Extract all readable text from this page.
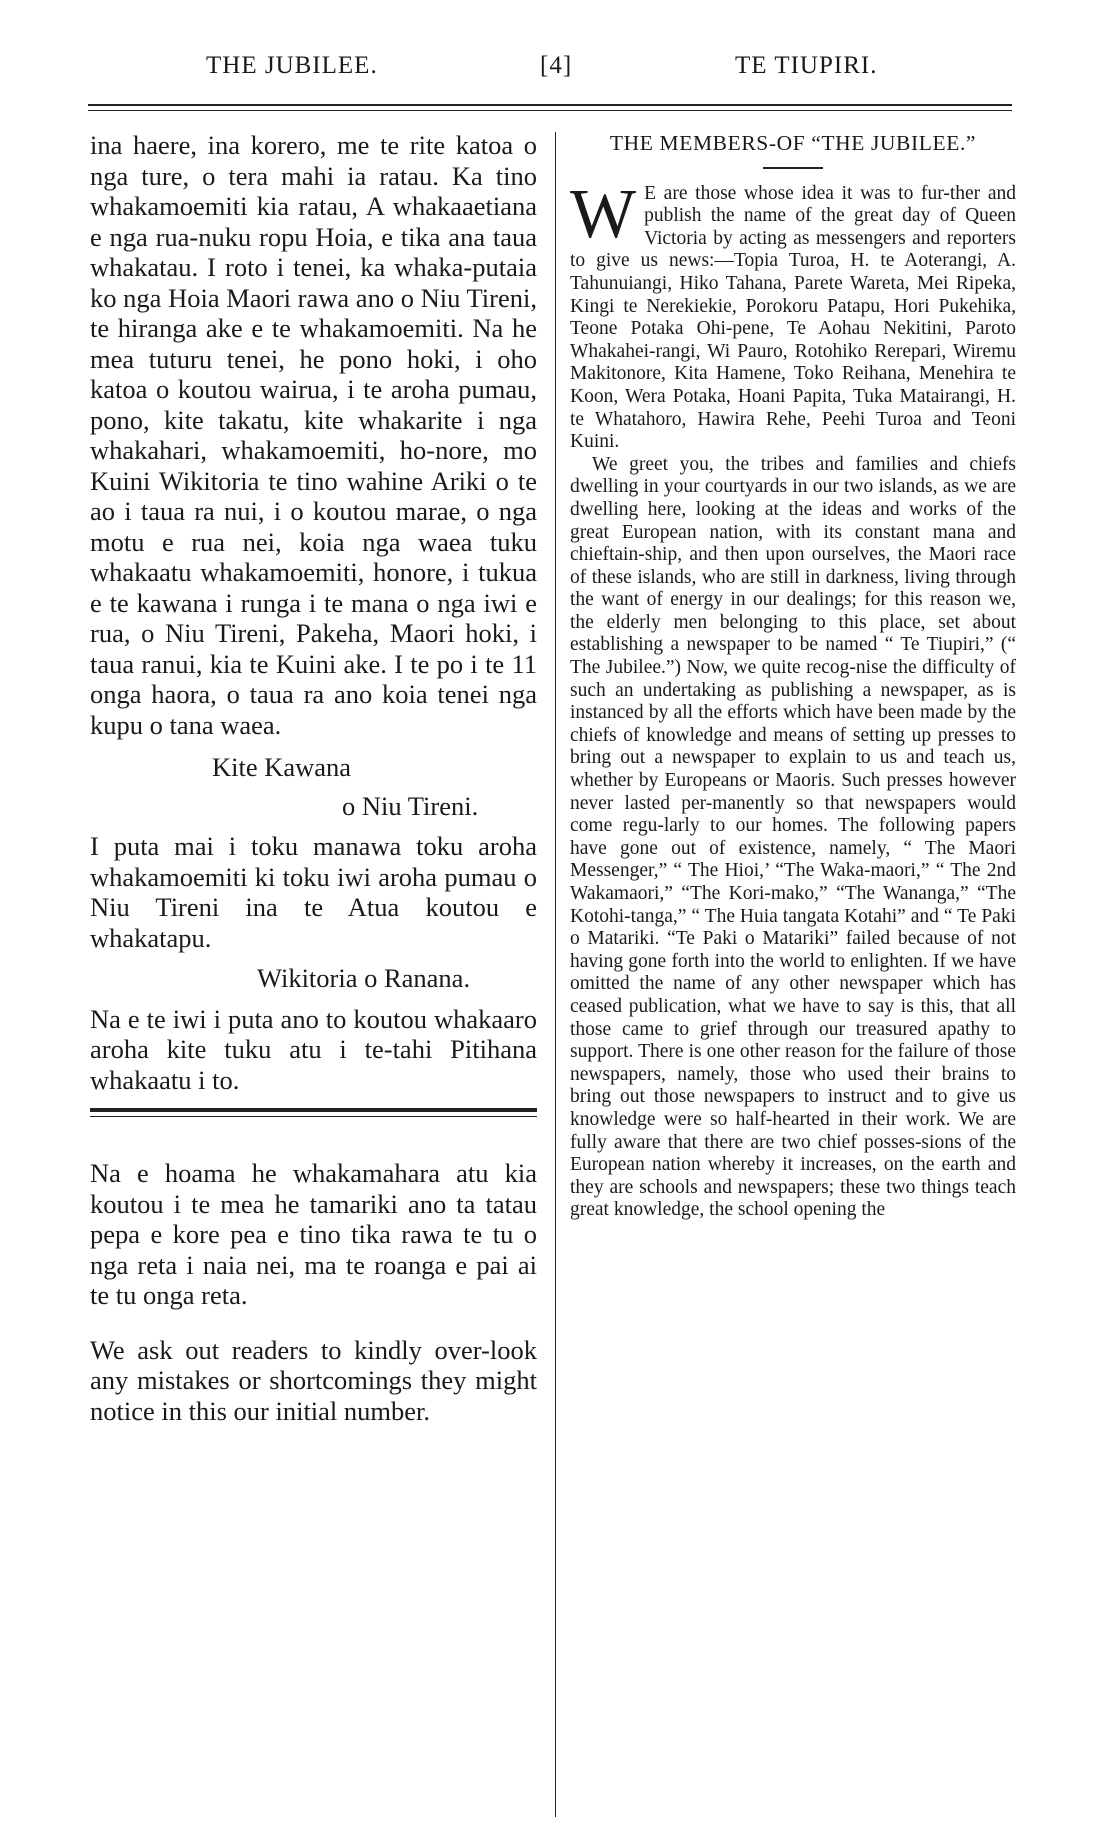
THE JUBILEE.	[4]	TE TIUPIRI.

ina haere, ina korero, me te rite katoa o nga ture, o tera mahi ia ratau. Ka tino whakamoemiti kia ratau, A whakaaetiana e nga rua-nuku ropu Hoia, e tika ana taua whakatau. I roto i tenei, ka whaka-putaia ko nga Hoia Maori rawa ano o Niu Tireni, te hiranga ake e te whakamoemiti. Na he mea tuturu tenei, he pono hoki, i oho katoa o koutou wairua, i te aroha pumau, pono, kite takatu, kite whakarite i nga whakahari, whakamoemiti, ho-nore, mo Kuini Wikitoria te tino wahine Ariki o te ao i taua ra nui, i o koutou marae, o nga motu e rua nei, koia nga waea tuku whakaatu whakamoemiti, honore, i tukua e te kawana i runga i te mana o nga iwi e rua, o Niu Tireni, Pakeha, Maori hoki, i taua ranui, kia te Kuini ake. I te po i te 11 onga haora, o taua ra ano koia tenei nga kupu o tana waea.

Kite Kawana

o Niu Tireni.

I puta mai i toku manawa toku aroha whakamoemiti ki toku iwi aroha pumau o Niu Tireni ina te Atua koutou e whakatapu.

Wikitoria o Ranana.

Na e te iwi i puta ano to koutou whakaaro aroha kite tuku atu i te-tahi Pitihana whakaatu i to.

Na e hoama he whakamahara atu kia koutou i te mea he tamariki ano ta tatau pepa e kore pea e tino tika rawa te tu o nga reta i naia nei, ma te roanga e pai ai te tu onga reta.

We ask out readers to kindly over-look any mistakes or shortcomings they might notice in this our initial number.

THE MEMBERS-OF “THE JUBILEE.”

W E are those whose idea it was to fur-ther and publish the name of the great day of Queen Victoria by acting as messengers and reporters to give us news:—Topia Turoa, H. te Aoterangi, A. Tahunuiangi, Hiko Tahana, Parete Wareta, Mei Ripeka, Kingi te Nerekiekie, Porokoru Patapu, Hori Pukehika, Teone Potaka Ohi-pene, Te Aohau Nekitini, Paroto Whakahei-rangi, Wi Pauro, Rotohiko Rerepari, Wiremu Makitonore, Kita Hamene, Toko Reihana, Menehira te Koon, Wera Potaka, Hoani Papita, Tuka Matairangi, H. te Whatahoro, Hawira Rehe, Peehi Turoa and Teoni Kuini.

We greet you, the tribes and families and chiefs dwelling in your courtyards in our two islands, as we are dwelling here, looking at the ideas and works of the great European nation, with its constant mana and chieftain-ship, and then upon ourselves, the Maori race of these islands, who are still in darkness, living through the want of energy in our dealings; for this reason we, the elderly men belonging to this place, set about establishing a newspaper to be named “ Te Tiupiri,” (“ The Jubilee.”) Now, we quite recog-nise the difficulty of such an undertaking as publishing a newspaper, as is instanced by all the efforts which have been made by the chiefs of knowledge and means of setting up presses to bring out a newspaper to explain to us and teach us, whether by Europeans or Maoris. Such presses however never lasted per-manently so that newspapers would come regu-larly to our homes. The following papers have gone out of existence, namely, “ The Maori Messenger,” “ The Hioi,’ “The Waka-maori,” “ The 2nd Wakamaori,” “The Kori-mako,” “The Wananga,” “The Kotohi-tanga,” “ The Huia tangata Kotahi” and “ Te Paki o Matariki. “Te Paki o Matariki” failed because of not having gone forth into the world to enlighten. If we have omitted the name of any other newspaper which has ceased publication, what we have to say is this, that all those came to grief through our treasured apathy to support. There is one other reason for the failure of those newspapers, namely, those who used their brains to bring out those newspapers to instruct and to give us knowledge were so half-hearted in their work. We are fully aware that there are two chief posses-sions of the European nation whereby it increases, on the earth and they are schools and newspapers; these two things teach great knowledge, the school opening the
